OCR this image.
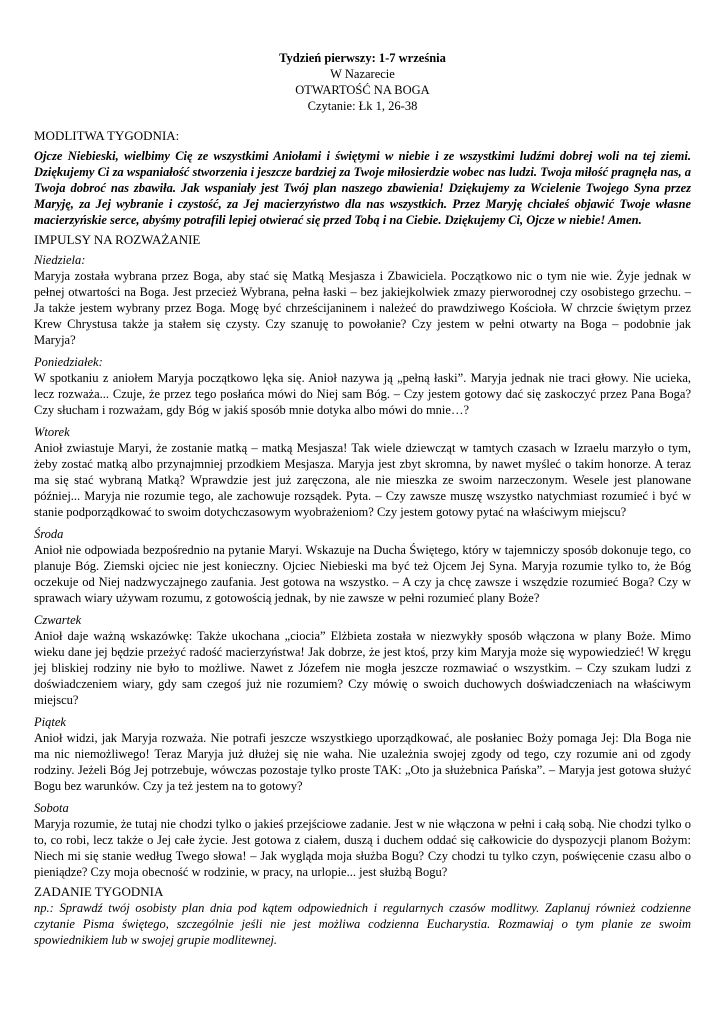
Tydzień pierwszy: 1-7 września
W Nazarecie
OTWARTOŚĆ NA BOGA
Czytanie: Łk 1, 26-38
MODLITWA TYGODNIA:
Ojcze Niebieski, wielbimy Cię ze wszystkimi Aniołami i świętymi w niebie i ze wszystkimi ludźmi dobrej woli na tej ziemi. Dziękujemy Ci za wspaniałość stworzenia i jeszcze bardziej za Twoje miłosierdzie wobec nas ludzi. Twoja miłość pragnęła nas, a Twoja dobroć nas zbawiła. Jak wspaniały jest Twój plan naszego zbawienia! Dziękujemy za Wcielenie Twojego Syna przez Maryję, za Jej wybranie i czystość, za Jej macierzyństwo dla nas wszystkich. Przez Maryję chciałeś objawić Twoje własne macierzyńskie serce, abyśmy potrafili lepiej otwierać się przed Tobą i na Ciebie. Dziękujemy Ci, Ojcze w niebie! Amen.
IMPULSY NA ROZWAŻANIE
Niedziela:
Maryja została wybrana przez Boga, aby stać się Matką Mesjasza i Zbawiciela. Początkowo nic o tym nie wie. Żyje jednak w pełnej otwartości na Boga. Jest przecież Wybrana, pełna łaski – bez jakiejkolwiek zmazy pierworodnej czy osobistego grzechu. – Ja także jestem wybrany przez Boga. Mogę być chrześcijaninem i należeć do prawdziwego Kościoła. W chrzcie świętym przez Krew Chrystusa także ja stałem się czysty. Czy szanuję to powołanie? Czy jestem w pełni otwarty na Boga – podobnie jak Maryja?
Poniedziałek:
W spotkaniu z aniołem Maryja początkowo lęka się. Anioł nazywa ją „pełną łaski”. Maryja jednak nie traci głowy. Nie ucieka, lecz rozważa... Czuje, że przez tego posłańca mówi do Niej sam Bóg. – Czy jestem gotowy dać się zaskoczyć przez Pana Boga? Czy słucham i rozważam, gdy Bóg w jakiś sposób mnie dotyka albo mówi do mnie…?
Wtorek
Anioł zwiastuje Maryi, że zostanie matką – matką Mesjasza! Tak wiele dziewcząt w tamtych czasach w Izraelu marzyło o tym, żeby zostać matką albo przynajmniej przodkiem Mesjasza. Maryja jest zbyt skromna, by nawet myśleć o takim honorze. A teraz ma się stać wybraną Matką? Wprawdzie jest już zaręczona, ale nie mieszka ze swoim narzeczonym. Wesele jest planowane później... Maryja nie rozumie tego, ale zachowuje rozsądek. Pyta. – Czy zawsze muszę wszystko natychmiast rozumieć i być w stanie podporządkować to swoim dotychczasowym wyobrażeniom? Czy jestem gotowy pytać na właściwym miejscu?
Środa
Anioł nie odpowiada bezpośrednio na pytanie Maryi. Wskazuje na Ducha Świętego, który w tajemniczy sposób dokonuje tego, co planuje Bóg. Ziemski ojciec nie jest konieczny. Ojciec Niebieski ma być też Ojcem Jej Syna. Maryja rozumie tylko to, że Bóg oczekuje od Niej nadzwyczajnego zaufania. Jest gotowa na wszystko. – A czy ja chcę zawsze i wszędzie rozumieć Boga? Czy w sprawach wiary używam rozumu, z gotowością jednak, by nie zawsze w pełni rozumieć plany Boże?
Czwartek
Anioł daje ważną wskazówkę: Także ukochana „ciocia” Elżbieta została w niezwykły sposób włączona w plany Boże. Mimo wieku dane jej będzie przeżyć radość macierzyństwa! Jak dobrze, że jest ktoś, przy kim Maryja może się wypowiedzieć! W kręgu jej bliskiej rodziny nie było to możliwe. Nawet z Józefem nie mogła jeszcze rozmawiać o wszystkim. – Czy szukam ludzi z doświadczeniem wiary, gdy sam czegoś już nie rozumiem? Czy mówię o swoich duchowych doświadczeniach na właściwym miejscu?
Piątek
Anioł widzi, jak Maryja rozważa. Nie potrafi jeszcze wszystkiego uporządkować, ale posłaniec Boży pomaga Jej: Dla Boga nie ma nic niemożliwego! Teraz Maryja już dłużej się nie waha. Nie uzależnia swojej zgody od tego, czy rozumie ani od zgody rodziny. Jeżeli Bóg Jej potrzebuje, wówczas pozostaje tylko proste TAK: „Oto ja służebnica Pańska”. – Maryja jest gotowa służyć Bogu bez warunków. Czy ja też jestem na to gotowy?
Sobota
Maryja rozumie, że tutaj nie chodzi tylko o jakieś przejściowe zadanie. Jest w nie włączona w pełni i całą sobą. Nie chodzi tylko o to, co robi, lecz także o Jej całe życie. Jest gotowa z ciałem, duszą i duchem oddać się całkowicie do dyspozycji planom Bożym: Niech mi się stanie według Twego słowa! – Jak wygląda moja służba Bogu? Czy chodzi tu tylko czyn, poświęcenie czasu albo o pieniądze? Czy moja obecność w rodzinie, w pracy, na urlopie... jest służbą Bogu?
ZADANIE TYGODNIA
np.: Sprawdź twój osobisty plan dnia pod kątem odpowiednich i regularnych czasów modlitwy. Zaplanuj również codzienne czytanie Pisma świętego, szczególnie jeśli nie jest możliwa codzienna Eucharystia. Rozmawiaj o tym planie ze swoim spowiednikiem lub w swojej grupie modlitewnej.
